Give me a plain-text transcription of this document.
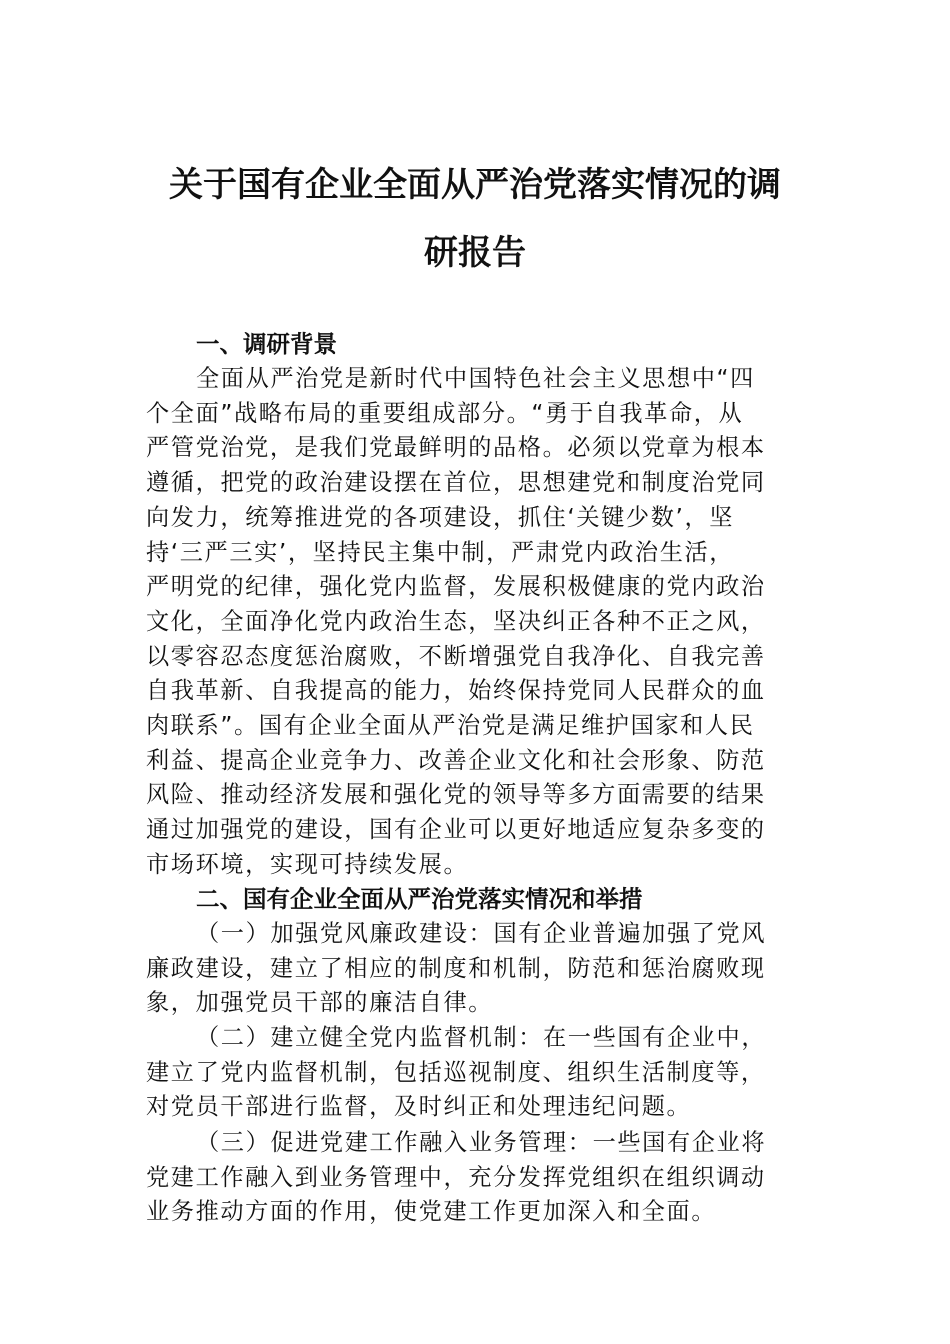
关于国有企业全面从严治党落实情况的调
研报告
一、调研背景
全面从严治党是新时代中国特色社会主义思想中“四
个全面”战略布局的重要组成部分。“勇于自我革命，从
严管党治党，是我们党最鲜明的品格。必须以党章为根本
遵循，把党的政治建设摆在首位，思想建党和制度治党同
向发力，统筹推进党的各项建设，抓住‘关键少数’，坚
持‘三严三实’，坚持民主集中制，严肃党内政治生活，
严明党的纪律，强化党内监督，发展积极健康的党内政治
文化，全面净化党内政治生态，坚决纠正各种不正之风，
以零容忍态度惩治腐败，不断增强党自我净化、自我完善
自我革新、自我提高的能力，始终保持党同人民群众的血
肉联系”。国有企业全面从严治党是满足维护国家和人民
利益、提高企业竞争力、改善企业文化和社会形象、防范
风险、推动经济发展和强化党的领导等多方面需要的结果
通过加强党的建设，国有企业可以更好地适应复杂多变的
市场环境，实现可持续发展。
二、国有企业全面从严治党落实情况和举措
（一）加强党风廉政建设：国有企业普遍加强了党风
廉政建设，建立了相应的制度和机制，防范和惩治腐败现
象，加强党员干部的廉洁自律。
（二）建立健全党内监督机制：在一些国有企业中，
建立了党内监督机制，包括巡视制度、组织生活制度等，
对党员干部进行监督，及时纠正和处理违纪问题。
（三）促进党建工作融入业务管理：一些国有企业将
党建工作融入到业务管理中，充分发挥党组织在组织调动
业务推动方面的作用，使党建工作更加深入和全面。
